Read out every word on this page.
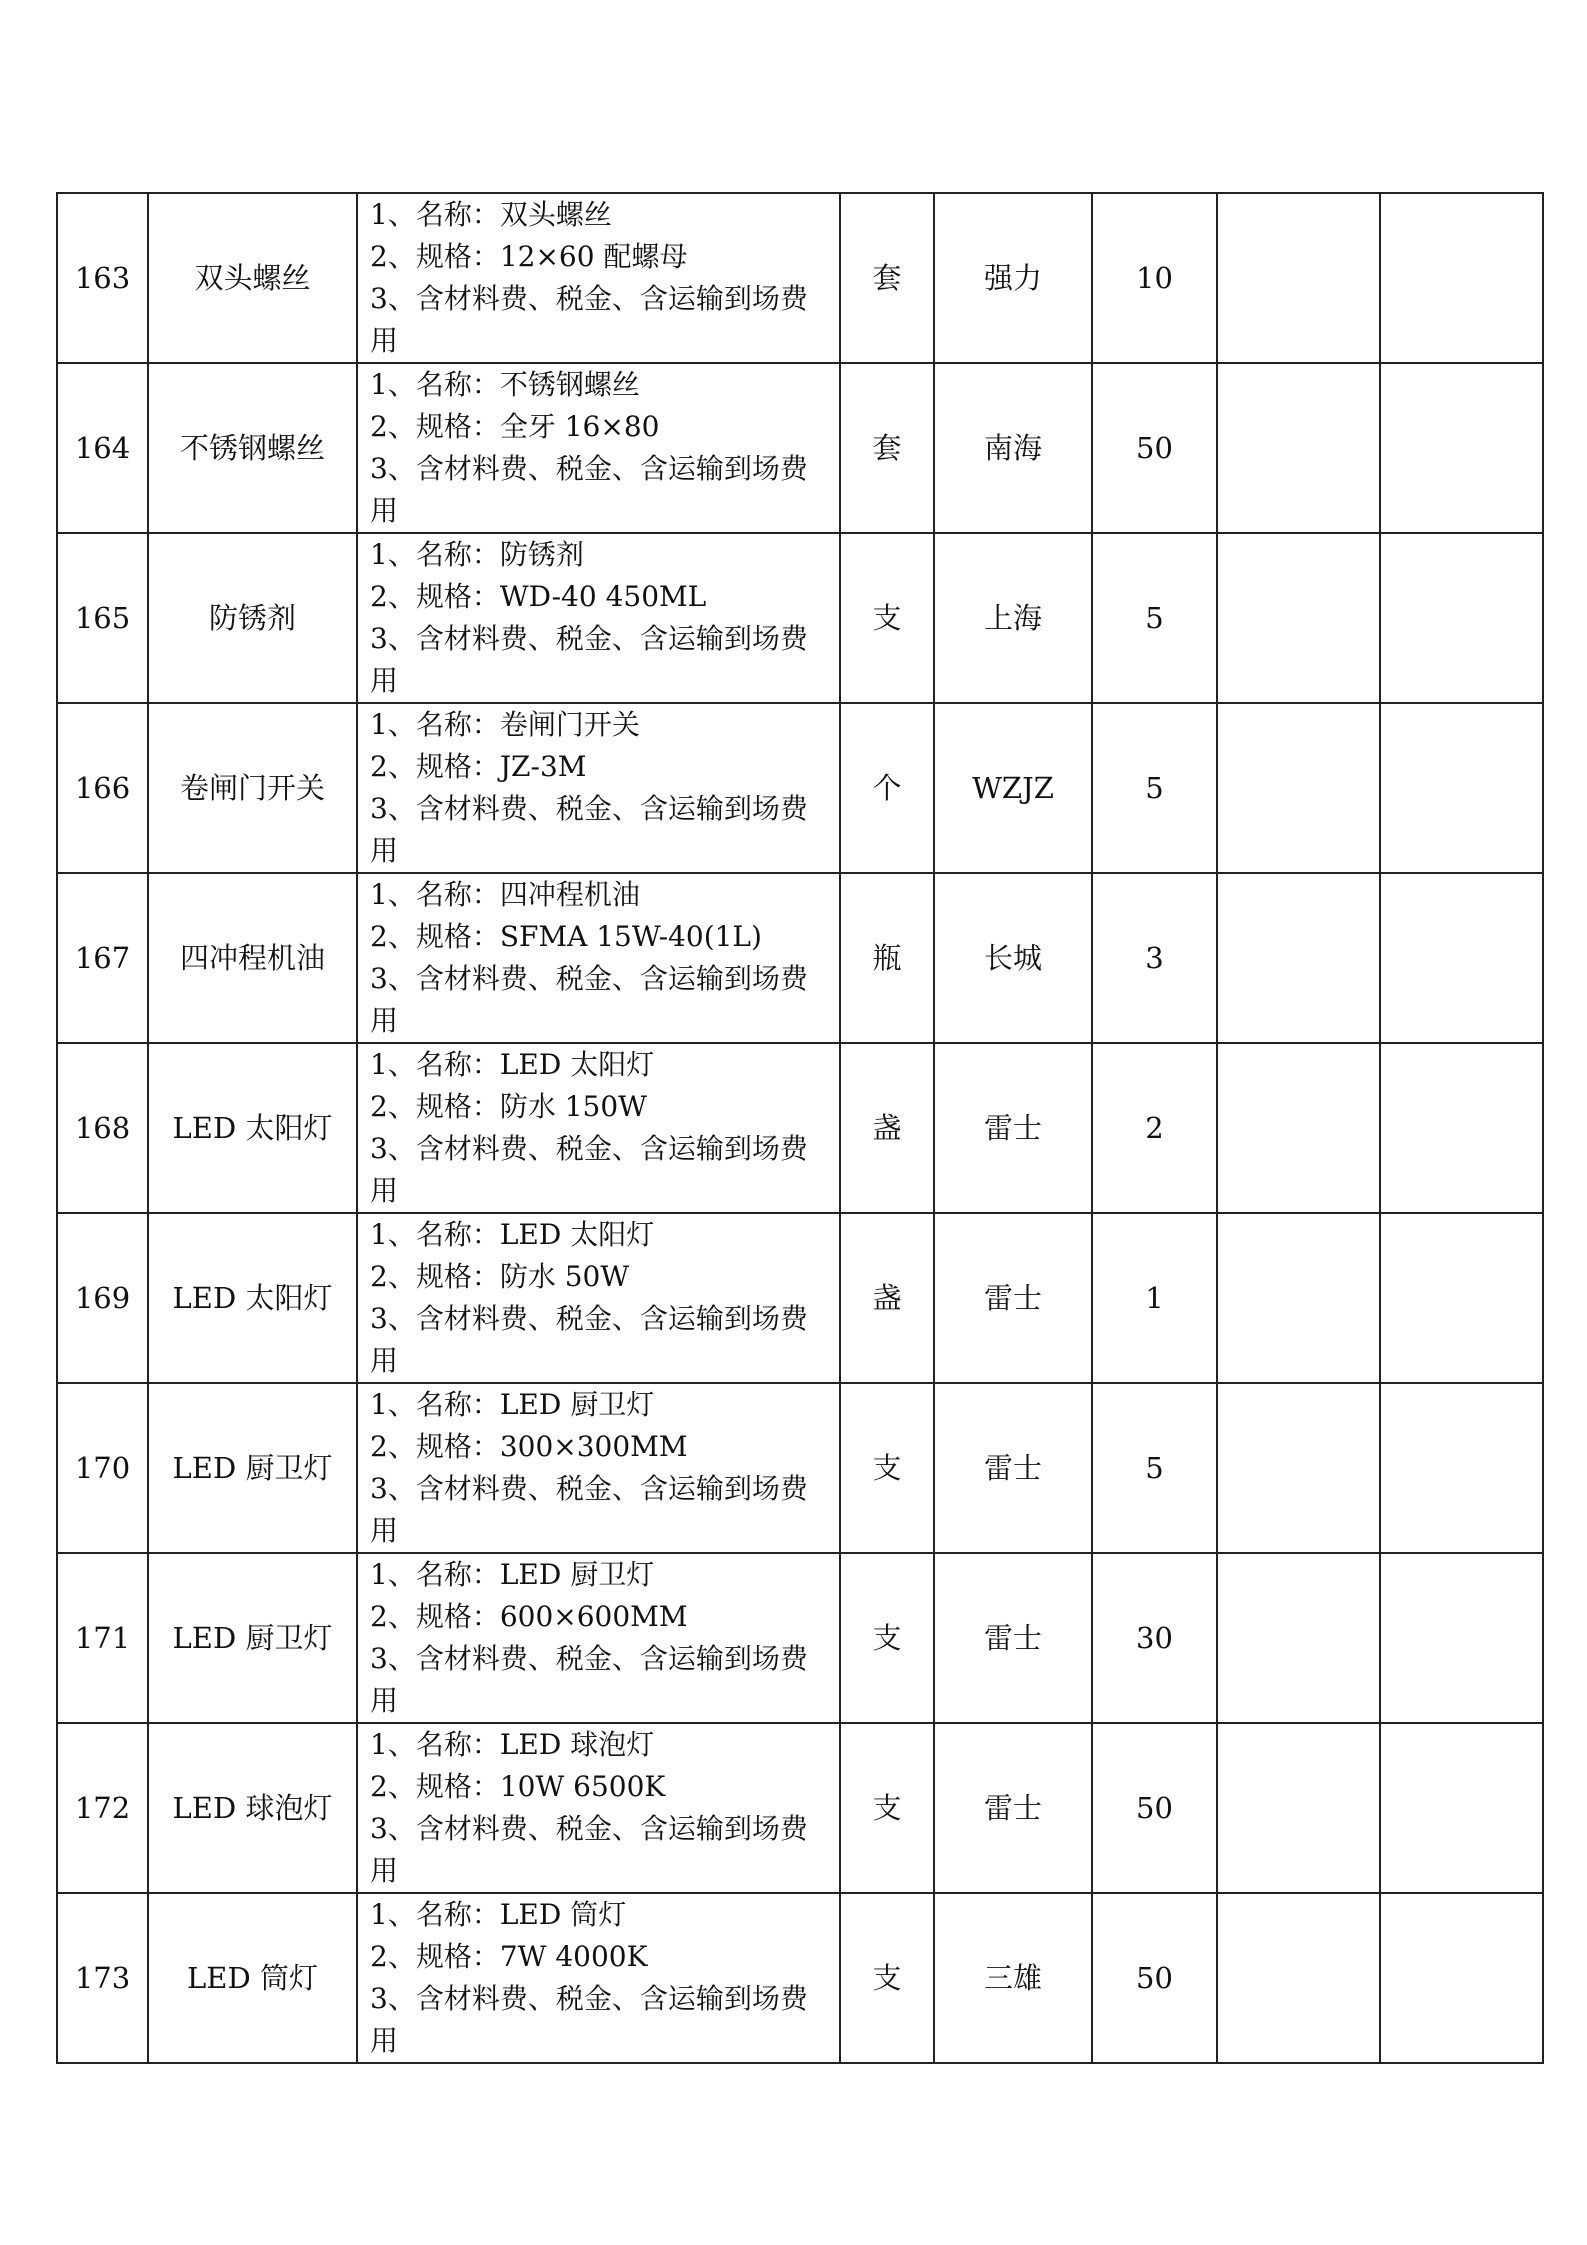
163	双头螺丝	1、名称：双头螺丝
2、规格：12×60 配螺母
3、含材料费、税金、含运输到场费用	套	强力	10		
164	不锈钢螺丝	1、名称：不锈钢螺丝
2、规格：全牙 16×80
3、含材料费、税金、含运输到场费用	套	南海	50		
165	防锈剂	1、名称：防锈剂
2、规格：WD-40 450ML
3、含材料费、税金、含运输到场费用	支	上海	5		
166	卷闸门开关	1、名称：卷闸门开关
2、规格：JZ-3M
3、含材料费、税金、含运输到场费用	个	WZJZ	5		
167	四冲程机油	1、名称：四冲程机油
2、规格：SFMA 15W-40(1L)
3、含材料费、税金、含运输到场费用	瓶	长城	3		
168	LED 太阳灯	1、名称：LED 太阳灯
2、规格：防水 150W
3、含材料费、税金、含运输到场费用	盏	雷士	2		
169	LED 太阳灯	1、名称：LED 太阳灯
2、规格：防水 50W
3、含材料费、税金、含运输到场费用	盏	雷士	1		
170	LED 厨卫灯	1、名称：LED 厨卫灯
2、规格：300×300MM
3、含材料费、税金、含运输到场费用	支	雷士	5		
171	LED 厨卫灯	1、名称：LED 厨卫灯
2、规格：600×600MM
3、含材料费、税金、含运输到场费用	支	雷士	30		
172	LED 球泡灯	1、名称：LED 球泡灯
2、规格：10W 6500K
3、含材料费、税金、含运输到场费用	支	雷士	50		
173	LED 筒灯	1、名称：LED 筒灯
2、规格：7W 4000K
3、含材料费、税金、含运输到场费用	支	三雄	50		
